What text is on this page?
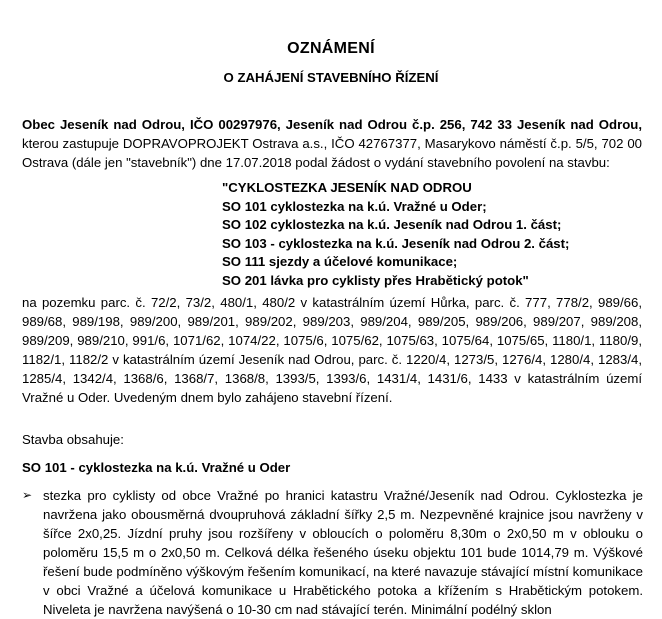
OZNÁMENÍ
O ZAHÁJENÍ STAVEBNÍHO ŘÍZENÍ
Obec Jeseník nad Odrou, IČO 00297976, Jeseník nad Odrou č.p. 256, 742 33 Jeseník nad Odrou, kterou zastupuje DOPRAVOPROJEKT Ostrava a.s., IČO 42767377, Masarykovo náměstí č.p. 5/5, 702 00 Ostrava (dále jen "stavebník") dne 17.07.2018 podal žádost o vydání stavebního povolení na stavbu:
"CYKLOSTEZKA JESENÍK NAD ODROU
SO 101 cyklostezka na k.ú. Vražné u Oder;
SO 102 cyklostezka na k.ú. Jeseník nad Odrou 1. část;
SO 103 - cyklostezka na k.ú. Jeseník nad Odrou 2. část;
SO 111 sjezdy a účelové komunikace;
SO 201 lávka pro cyklisty přes Hrabětický potok"
na pozemku parc. č. 72/2, 73/2, 480/1, 480/2 v katastrálním území Hůrka, parc. č. 777, 778/2, 989/66, 989/68, 989/198, 989/200, 989/201, 989/202, 989/203, 989/204, 989/205, 989/206, 989/207, 989/208, 989/209, 989/210, 991/6, 1071/62, 1074/22, 1075/6, 1075/62, 1075/63, 1075/64, 1075/65, 1180/1, 1180/9, 1182/1, 1182/2 v katastrálním území Jeseník nad Odrou, parc. č. 1220/4, 1273/5, 1276/4, 1280/4, 1283/4, 1285/4, 1342/4, 1368/6, 1368/7, 1368/8, 1393/5, 1393/6, 1431/4, 1431/6, 1433 v katastrálním území Vražné u Oder. Uvedeným dnem bylo zahájeno stavební řízení.
Stavba obsahuje:
SO 101 - cyklostezka na k.ú. Vražné u Oder
➢ stezka pro cyklisty od obce Vražné po hranici katastru Vražné/Jeseník nad Odrou. Cyklostezka je navržena jako obousměrná dvoupruhová základní šířky 2,5 m. Nezpevněné krajnice jsou navrženy v šířce 2x0,25. Jízdní pruhy jsou rozšířeny v obloucích o poloměru 8,30m o 2x0,50 m v oblouku o poloměru 15,5 m o 2x0,50 m. Celková délka řešeného úseku objektu 101 bude 1014,79 m. Výškové řešení bude podmíněno výškovým řešením komunikací, na které navazuje stávající místní komunikace v obci Vražné a účelová komunikace u Hrabětického potoka a křížením s Hrabětickým potokem. Niveleta je navržena navýšená o 10-30 cm nad stávající terén. Minimální podélný sklon
